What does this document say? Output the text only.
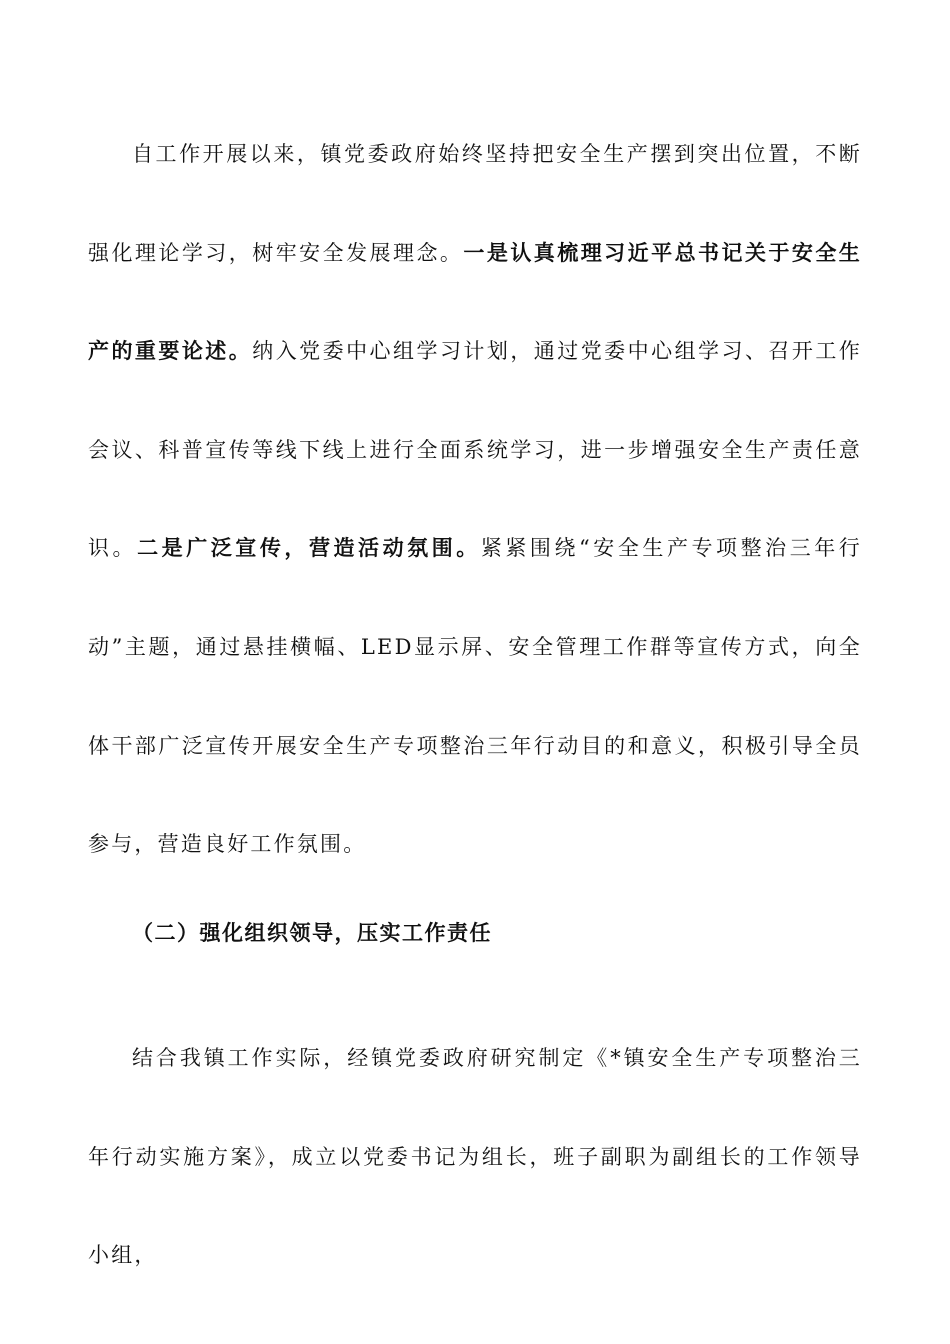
自工作开展以来，镇党委政府始终坚持把安全生产摆到突出位置，不断强化理论学习，树牢安全发展理念。一是认真梳理习近平总书记关于安全生产的重要论述。纳入党委中心组学习计划，通过党委中心组学习、召开工作会议、科普宣传等线下线上进行全面系统学习，进一步增强安全生产责任意识。二是广泛宣传，营造活动氛围。紧紧围绕“安全生产专项整治三年行动”主题，通过悬挂横幅、LED显示屏、安全管理工作群等宣传方式，向全体干部广泛宣传开展安全生产专项整治三年行动目的和意义，积极引导全员参与，营造良好工作氛围。

（二）强化组织领导，压实工作责任

结合我镇工作实际，经镇党委政府研究制定《*镇安全生产专项整治三年行动实施方案》，成立以党委书记为组长，班子副职为副组长的工作领导小组，
